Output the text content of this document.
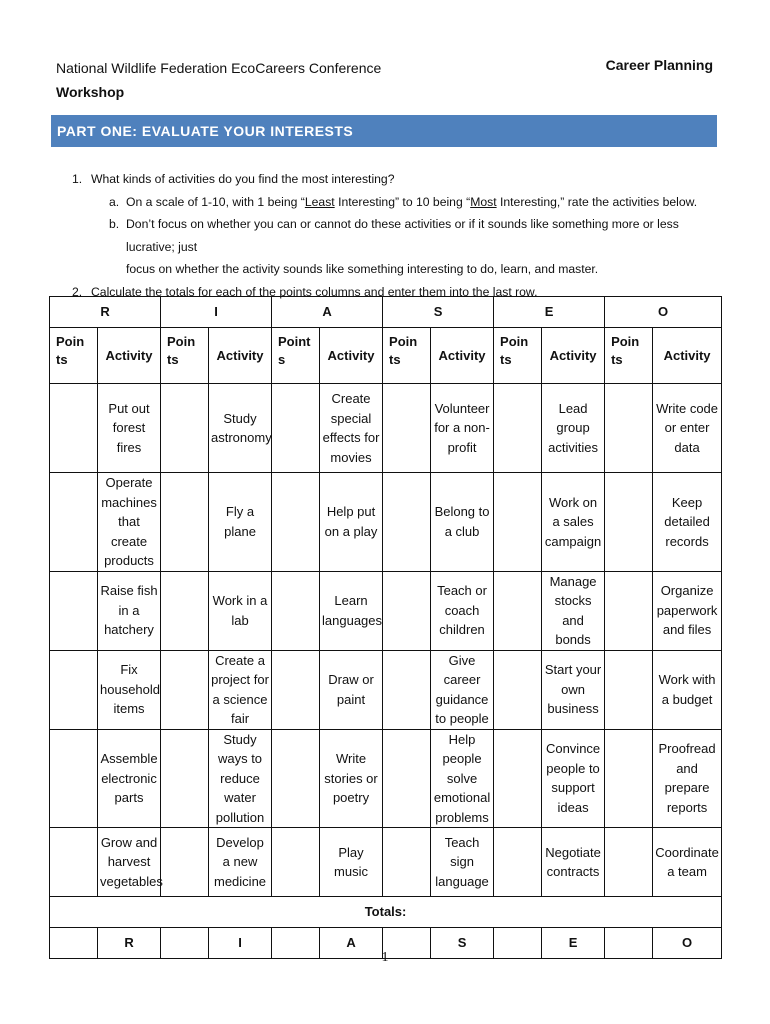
National Wildlife Federation EcoCareers Conference
Workshop
Career Planning
PART ONE: EVALUATE YOUR INTERESTS
1. What kinds of activities do you find the most interesting?
a. On a scale of 1-10, with 1 being “Least Interesting” to 10 being “Most Interesting,” rate the activities below.
b. Don’t focus on whether you can or cannot do these activities or if it sounds like something more or less lucrative; just
focus on whether the activity sounds like something interesting to do, learn, and master.
2. Calculate the totals for each of the points columns and enter them into the last row.
R		I		A		S		E		O	
Poin ts	Activity	Poin ts	Activity	Point s	Activity	Poin ts	Activity	Poin ts	Activity	Poin ts	Activity
	Put out forest fires		Study astronomy		Create special effects for movies		Volunteer for a non-profit		Lead group activities		Write code or enter data
	Operate machines that create products		Fly a plane		Help put on a play		Belong to a club		Work on a sales campaign		Keep detailed records
	Raise fish in a hatchery		Work in a lab		Learn languages		Teach or coach children		Manage stocks and bonds		Organize paperwork and files
	Fix household items		Create a project for a science fair		Draw or paint		Give career guidance to people		Start your own business		Work with a budget
	Assemble electronic parts		Study ways to reduce water pollution		Write stories or poetry		Help people solve emotional problems		Convince people to support ideas		Proofread and prepare reports
	Grow and harvest vegetables		Develop a new medicine		Play music		Teach sign language		Negotiate contracts		Coordinate a team
Totals:											
	R		I		A		S		E		O
1
